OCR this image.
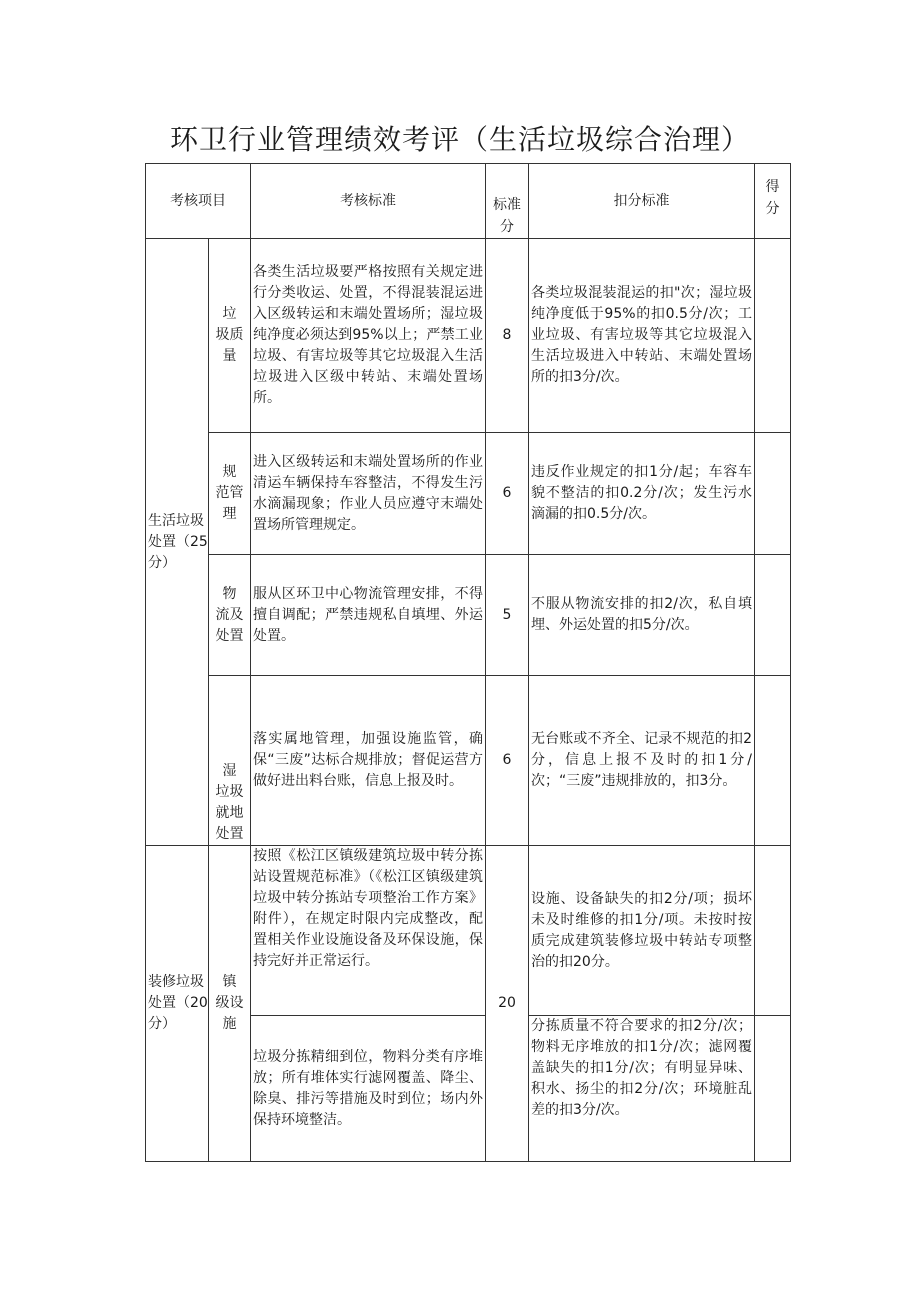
环卫行业管理绩效考评（生活垃圾综合治理）
考核项目		考核标准	标准
分	扣分标准	得
分
生活垃圾处置（25分）	垃
圾质
量	各类生活垃圾要严格按照有关规定进行分类收运、处置，不得混装混运进入区级转运和末端处置场所；湿垃圾纯净度必须达到95%以上；严禁工业垃圾、有害垃圾等其它垃圾混入生活垃圾进入区级中转站、末端处置场所。	8	各类垃圾混装混运的扣"次；湿垃圾纯净度低于95%的扣0.5分/次；工业垃圾、有害垃圾等其它垃圾混入生活垃圾进入中转站、末端处置场所的扣3分/次。	
	规
范管
理	进入区级转运和末端处置场所的作业清运车辆保持车容整洁，不得发生污水滴漏现象；作业人员应遵守末端处置场所管理规定。	6	违反作业规定的扣1分/起；车容车貌不整洁的扣0.2分/次；发生污水滴漏的扣0.5分/次。	
	物
流及
处置	服从区环卫中心物流管理安排，不得擅自调配；严禁违规私自填埋、外运处置。	5	不服从物流安排的扣2/次，私自填埋、外运处置的扣5分/次。	
	湿
垃圾
就地
处置	落实属地管理，加强设施监管，确保“三废”达标合规排放；督促运营方做好进出料台账，信息上报及时。	6	无台账或不齐全、记录不规范的扣2分，信息上报不及时的扣1分/次；“三废”违规排放的，扣3分。	
装修垃圾处置（20分）	镇
级设
施	按照《松江区镇级建筑垃圾中转分拣站设置规范标准》（《松江区镇级建筑垃圾中转分拣站专项整治工作方案》附件），在规定时限内完成整改，配置相关作业设施设备及环保设施，保持完好并正常运行。	20	设施、设备缺失的扣2分/项；损坏未及时维修的扣1分/项。未按时按质完成建筑装修垃圾中转站专项整治的扣20分。	
		垃圾分拣精细到位，物料分类有序堆放；所有堆体实行滤网覆盖、降尘、除臭、排污等措施及时到位；场内外保持环境整洁。		分拣质量不符合要求的扣2分/次；物料无序堆放的扣1分/次；滤网覆盖缺失的扣1分/次；有明显异味、积水、扬尘的扣2分/次；环境脏乱差的扣3分/次。	
